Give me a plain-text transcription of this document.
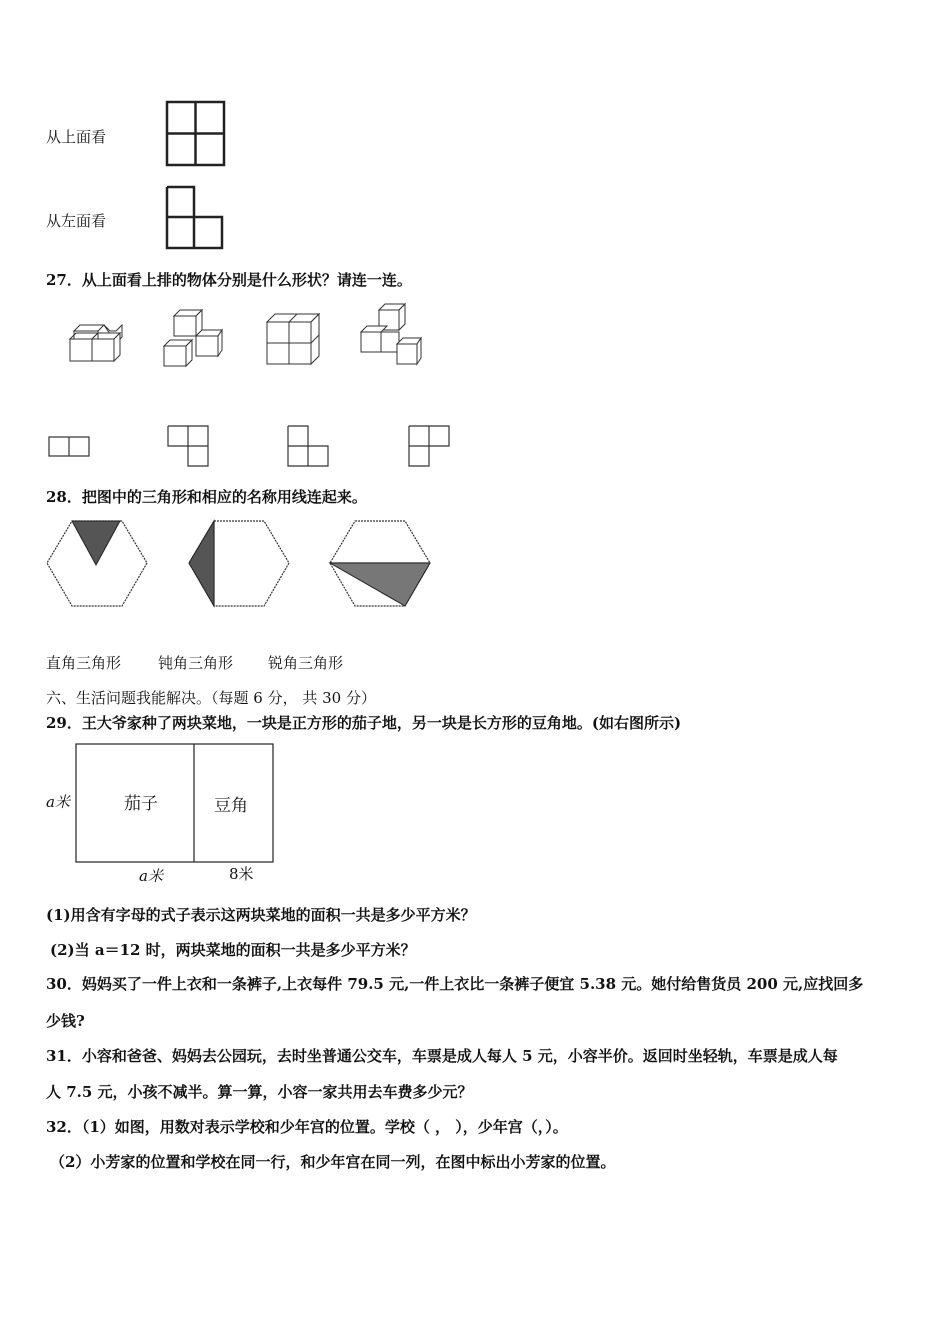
从上面看
从左面看
27．从上面看上排的物体分别是什么形状？请连一连。
28．把图中的三角形和相应的名称用线连起来。
直角三角形 钝角三角形 锐角三角形
六、生活问题我能解决。（每题 6 分， 共 30 分）
29．王大爷家种了两块菜地，一块是正方形的茄子地，另一块是长方形的豆角地。(如右图所示)
a米	茄子	豆角
a米	8米
(1)用含有字母的式子表示这两块菜地的面积一共是多少平方米？
(2)当 a＝12 时，两块菜地的面积一共是多少平方米？
30．妈妈买了一件上衣和一条裤子,上衣每件 79.5 元,一件上衣比一条裤子便宜 5.38 元。她付给售货员 200 元,应找回多
少钱?
31．小容和爸爸、妈妈去公园玩，去时坐普通公交车，车票是成人每人 5 元，小容半价。返回时坐轻轨，车票是成人每
人 7.5 元，小孩不减半。算一算，小容一家共用去车费多少元？
32．（1）如图，用数对表示学校和少年宫的位置。学校（ ， ），少年宫（，）。
（2）小芳家的位置和学校在同一行，和少年宫在同一列，在图中标出小芳家的位置。
